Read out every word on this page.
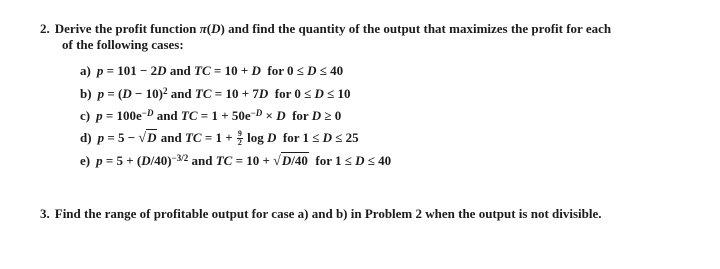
2. Derive the profit function π(D) and find the quantity of the output that maximizes the profit for each
of the following cases:
a) p = 101 − 2D and TC = 10 + D  for 0 ≤ D ≤ 40
b) $p = (D - 10)^2$ and TC = 10 + 7D  for 0 ≤ D ≤ 10
c) $p = 100e^{-D}$ and TC = $1 + 50e^{-D} \times D$  for D ≥ 0
d) p = 5 − √D and TC = $1 + \frac{9}{2}$ log D  for 1 ≤ D ≤ 25
e) $p = 5 + (D/40)^{-3/2}$ and TC = 10 + √D/40  for 1 ≤ D ≤ 40
3. Find the range of profitable output for case a) and b) in Problem 2 when the output is not divisible.
